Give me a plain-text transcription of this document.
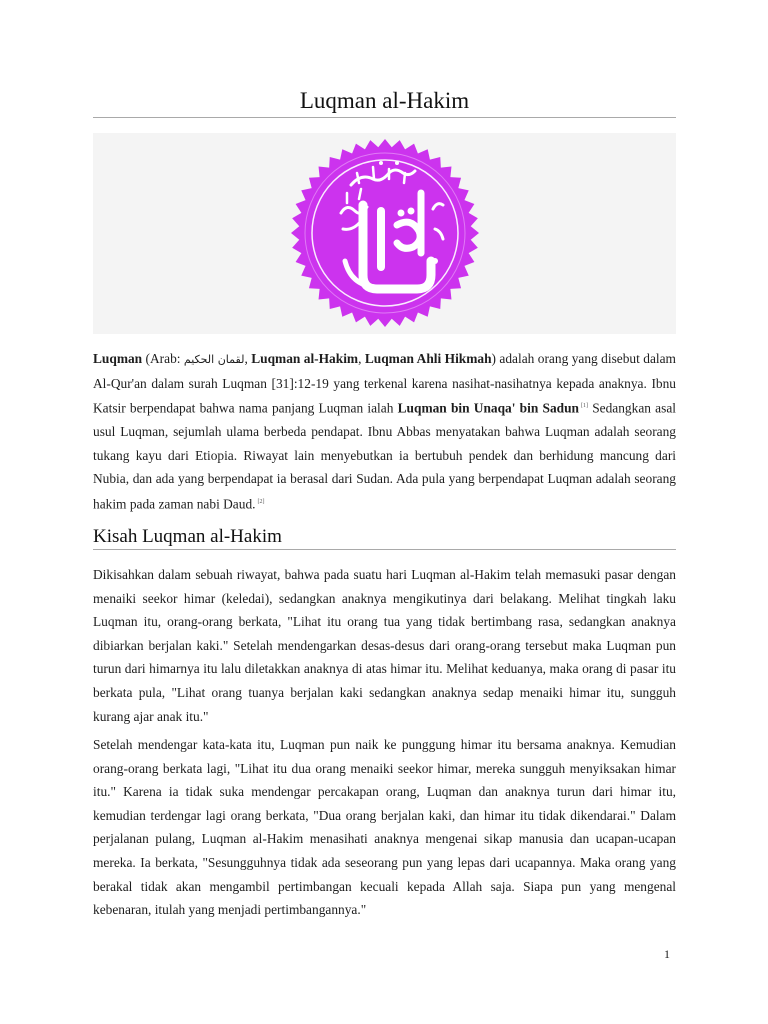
Luqman al-Hakim

Luqman (Arab: لقمان الحكيم, Luqman al-Hakim, Luqman Ahli Hikmah) adalah orang yang disebut dalam Al-Qur'an dalam surah Luqman [31]:12-19 yang terkenal karena nasihat-nasihatnya kepada anaknya. Ibnu Katsir berpendapat bahwa nama panjang Luqman ialah Luqman bin Unaqa' bin Sadun [1] Sedangkan asal usul Luqman, sejumlah ulama berbeda pendapat. Ibnu Abbas menyatakan bahwa Luqman adalah seorang tukang kayu dari Etiopia. Riwayat lain menyebutkan ia bertubuh pendek dan berhidung mancung dari Nubia, dan ada yang berpendapat ia berasal dari Sudan. Ada pula yang berpendapat Luqman adalah seorang hakim pada zaman nabi Daud. [2]

Kisah Luqman al-Hakim

Dikisahkan dalam sebuah riwayat, bahwa pada suatu hari Luqman al-Hakim telah memasuki pasar dengan menaiki seekor himar (keledai), sedangkan anaknya mengikutinya dari belakang. Melihat tingkah laku Luqman itu, orang-orang berkata, "Lihat itu orang tua yang tidak bertimbang rasa, sedangkan anaknya dibiarkan berjalan kaki." Setelah mendengarkan desas-desus dari orang-orang tersebut maka Luqman pun turun dari himarnya itu lalu diletakkan anaknya di atas himar itu. Melihat keduanya, maka orang di pasar itu berkata pula, "Lihat orang tuanya berjalan kaki sedangkan anaknya sedap menaiki himar itu, sungguh kurang ajar anak itu."

Setelah mendengar kata-kata itu, Luqman pun naik ke punggung himar itu bersama anaknya. Kemudian orang-orang berkata lagi, "Lihat itu dua orang menaiki seekor himar, mereka sungguh menyiksakan himar itu." Karena ia tidak suka mendengar percakapan orang, Luqman dan anaknya turun dari himar itu, kemudian terdengar lagi orang berkata, "Dua orang berjalan kaki, dan himar itu tidak dikendarai." Dalam perjalanan pulang, Luqman al-Hakim menasihati anaknya mengenai sikap manusia dan ucapan-ucapan mereka. Ia berkata, "Sesungguhnya tidak ada seseorang pun yang lepas dari ucapannya. Maka orang yang berakal tidak akan mengambil pertimbangan kecuali kepada Allah saja. Siapa pun yang mengenal kebenaran, itulah yang menjadi pertimbangannya."

1
